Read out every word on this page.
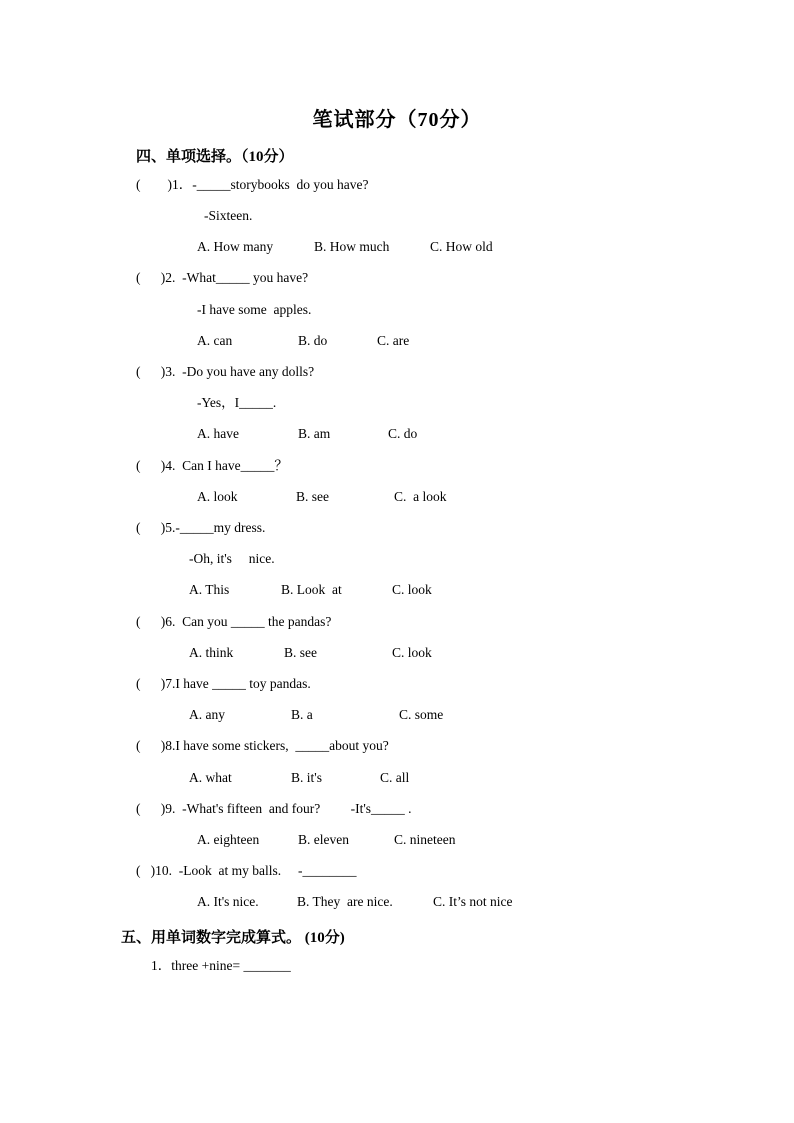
笔试部分（70分）
四、单项选择。（10分）
(        )1．-_____storybooks  do you have?
-Sixteen.
A. How many	B. How much	C. How old
(      )2.  -What_____ you have?
-I have some  apples.
A. can	B. do	C. are
(      )3.  -Do you have any dolls?
-Yes，I_____.
A. have	B. am	C. do
(      )4.  Can I have_____？
A. look	B. see	C.  a look
(      )5.-_____my dress.
-Oh, it's     nice.
A. This	B. Look  at	C. look
(      )6.  Can you _____ the pandas?
A. think	B. see	C. look
(      )7.I have _____ toy pandas.
A. any	B. a	C. some
(      )8.I have some stickers,  _____about you?
A. what	B. it's	C. all
(      )9.  -What's fifteen  and four?         -It's_____ .
A. eighteen	B. eleven	C. nineteen
(   )10.  -Look  at my balls.     -________
A. It's nice.	B. They  are nice.	C. It’s not nice
五、用单词数字完成算式。 (10分)
1．three +nine= _______
